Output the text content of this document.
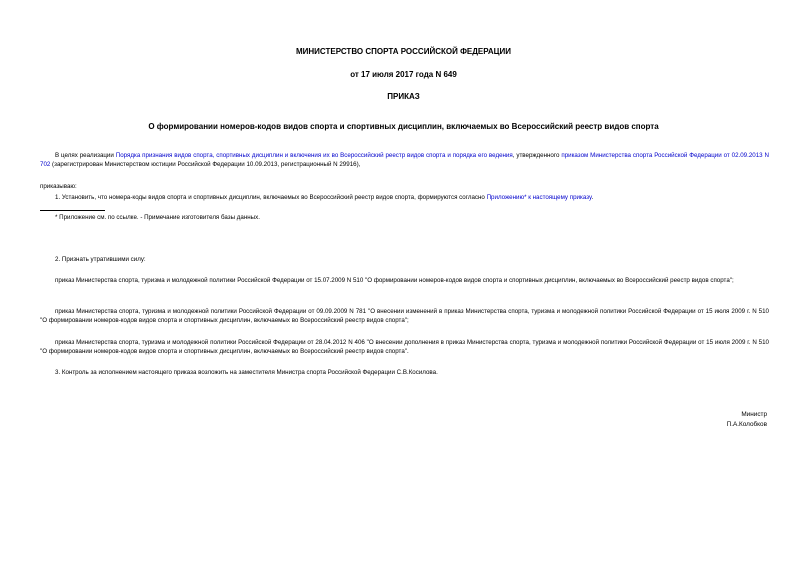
МИНИСТЕРСТВО СПОРТА РОССИЙСКОЙ ФЕДЕРАЦИИ
от 17 июля 2017 года N 649
ПРИКАЗ
О формировании номеров-кодов видов спорта и спортивных дисциплин, включаемых во Всероссийский реестр видов спорта
В целях реализации Порядка признания видов спорта, спортивных дисциплин и включения их во Всероссийский реестр видов спорта и порядка его ведения, утвержденного приказом Министерства спорта Российской Федерации от 02.09.2013 N 702 (зарегистрирован Министерством юстиции Российской Федерации 10.09.2013, регистрационный N 29916),
приказываю:
1. Установить, что номера-коды видов спорта и спортивных дисциплин, включаемых во Всероссийский реестр видов спорта, формируются согласно Приложению* к настоящему приказу.
* Приложение см. по ссылке. - Примечание изготовителя базы данных.
2. Признать утратившими силу:
приказ Министерства спорта, туризма и молодежной политики Российской Федерации от 15.07.2009 N 510 "О формировании номеров-кодов видов спорта и спортивных дисциплин, включаемых во Всероссийский реестр видов спорта";
приказ Министерства спорта, туризма и молодежной политики Российской Федерации от 09.09.2009 N 781 "О внесении изменений в приказ Министерства спорта, туризма и молодежной политики Российской Федерации от 15 июля 2009 г. N 510 "О формировании номеров-кодов видов спорта и спортивных дисциплин, включаемых во Всероссийский реестр видов спорта";
приказ Министерства спорта, туризма и молодежной политики Российской Федерации от 28.04.2012 N 406 "О внесении дополнения в приказ Министерства спорта, туризма и молодежной политики Российской Федерации от 15 июля 2009 г. N 510 "О формировании номеров-кодов видов спорта и спортивных дисциплин, включаемых во Всероссийский реестр видов спорта".
3. Контроль за исполнением настоящего приказа возложить на заместителя Министра спорта Российской Федерации С.В.Косилова.
Министр
П.А.Колобков
